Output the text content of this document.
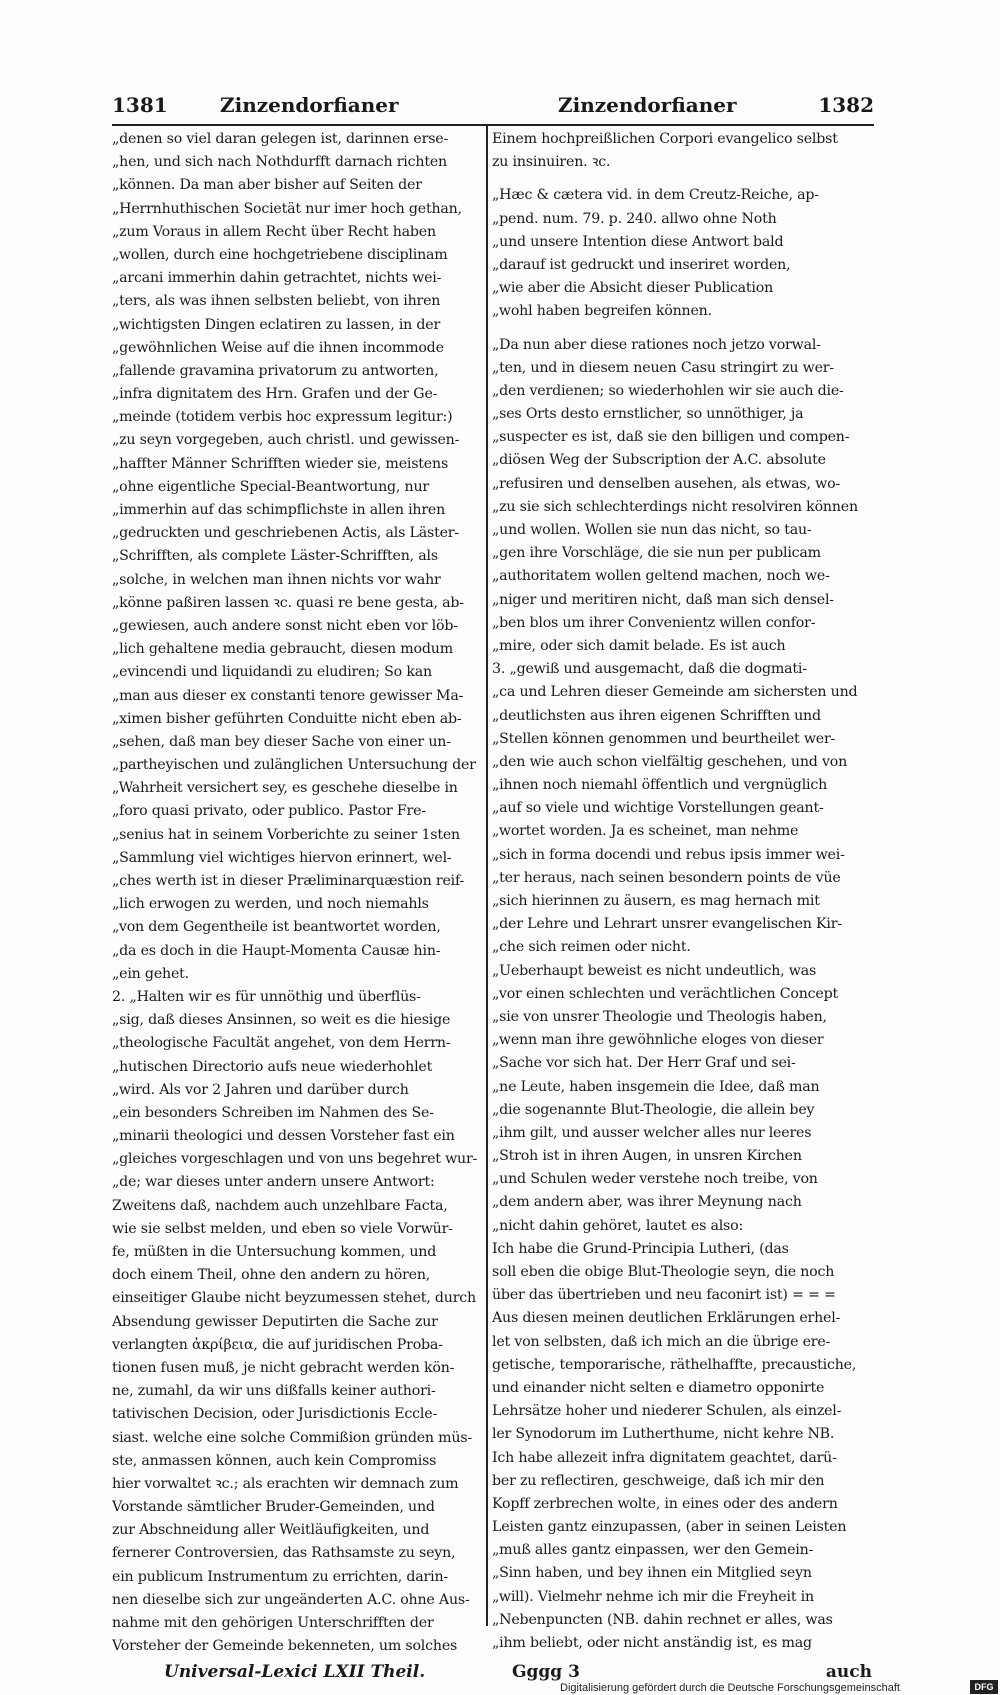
1381	Zinzendorfianer	Zinzendorfianer	1382
„denen so viel daran gelegen ist, darinnen erse-
„hen, und sich nach Nothdurfft darnach richten
„können. Da man aber bisher auf Seiten der
„Herrnhuthischen Societät nur imer hoch gethan,
„zum Voraus in allem Recht über Recht haben
„wollen, durch eine hochgetriebene disciplinam
„arcani immerhin dahin getrachtet, nichts wei-
„ters, als was ihnen selbsten beliebt, von ihren
„wichtigsten Dingen eclatiren zu lassen, in der
„gewöhnlichen Weise auf die ihnen incommode
„fallende gravamina privatorum zu antworten,
„infra dignitatem des Hrn. Grafen und der Ge-
„meinde (totidem verbis hoc expressum legitur:)
„zu seyn vorgegeben, auch christl. und gewissen-
„haffter Männer Schrifften wieder sie, meistens
„ohne eigentliche Special-Beantwortung, nur
„immerhin auf das schimpflichste in allen ihren
„gedruckten und geschriebenen Actis, als Läster-
„Schrifften, als complete Läster-Schrifften, als
„solche, in welchen man ihnen nichts vor wahr
„könne paßiren lassen ꝛc. quasi re bene gesta, ab-
„gewiesen, auch andere sonst nicht eben vor löb-
„lich gehaltene media gebraucht, diesen modum
„evincendi und liquidandi zu eludiren; So kan
„man aus dieser ex constanti tenore gewisser Ma-
„ximen bisher geführten Conduitte nicht eben ab-
„sehen, daß man bey dieser Sache von einer un-
„partheyischen und zulänglichen Untersuchung der
„Wahrheit versichert sey, es geschehe dieselbe in
„foro quasi privato, oder publico. Pastor Fre-
„senius hat in seinem Vorberichte zu seiner 1sten
„Sammlung viel wichtiges hiervon erinnert, wel-
„ches werth ist in dieser Præliminarquæstion reif-
„lich erwogen zu werden, und noch niemahls
„von dem Gegentheile ist beantwortet worden,
„da es doch in die Haupt-Momenta Causæ hin-
„ein gehet.
2. „Halten wir es für unnöthig und überflüs-
„sig, daß dieses Ansinnen, so weit es die hiesige
„theologische Facultät angehet, von dem Herrn-
„hutischen Directorio aufs neue wiederhohlet
„wird. Als vor 2 Jahren und darüber durch
„ein besonders Schreiben im Nahmen des Se-
„minarii theologici und dessen Vorsteher fast ein
„gleiches vorgeschlagen und von uns begehret wur-
„de; war dieses unter andern unsere Antwort:
Zweitens daß, nachdem auch unzehlbare Facta,
wie sie selbst melden, und eben so viele Vorwür-
fe, müßten in die Untersuchung kommen, und
doch einem Theil, ohne den andern zu hören,
einseitiger Glaube nicht beyzumessen stehet, durch
Absendung gewisser Deputirten die Sache zur
verlangten ἀκρίβεια, die auf juridischen Proba-
tionen fusen muß, je nicht gebracht werden kön-
ne, zumahl, da wir uns dißfalls keiner authori-
tativischen Decision, oder Jurisdictionis Eccle-
siast. welche eine solche Commißion gründen müs-
ste, anmassen können, auch kein Compromiss
hier vorwaltet ꝛc.; als erachten wir demnach zum
Vorstande sämtlicher Bruder-Gemeinden, und
zur Abschneidung aller Weitläufigkeiten, und
fernerer Controversien, das Rathsamste zu seyn,
ein publicum Instrumentum zu errichten, darin-
nen dieselbe sich zur ungeänderten A.C. ohne Aus-
nahme mit den gehörigen Unterschrifften der
Vorsteher der Gemeinde bekenneten, um solches
Einem hochpreißlichen Corpori evangelico selbst
zu insinuiren. ꝛc.
„Hæc & cætera vid. in dem Creutz-Reiche, ap-
„pend. num. 79. p. 240. allwo ohne Noth
„und unsere Intention diese Antwort bald
„darauf ist gedruckt und inseriret worden,
„wie aber die Absicht dieser Publication
„wohl haben begreifen können.
„Da nun aber diese rationes noch jetzo vorwal-
„ten, und in diesem neuen Casu stringirt zu wer-
„den verdienen; so wiederhohlen wir sie auch die-
„ses Orts desto ernstlicher, so unnöthiger, ja
„suspecter es ist, daß sie den billigen und compen-
„diösen Weg der Subscription der A.C. absolute
„refusiren und denselben ausehen, als etwas, wo-
„zu sie sich schlechterdings nicht resolviren können
„und wollen. Wollen sie nun das nicht, so tau-
„gen ihre Vorschläge, die sie nun per publicam
„authoritatem wollen geltend machen, noch we-
„niger und meritiren nicht, daß man sich densel-
„ben blos um ihrer Convenientz willen confor-
„mire, oder sich damit belade. Es ist auch
3. „gewiß und ausgemacht, daß die dogmati-
„ca und Lehren dieser Gemeinde am sichersten und
„deutlichsten aus ihren eigenen Schrifften und
„Stellen können genommen und beurtheilet wer-
„den wie auch schon vielfältig geschehen, und von
„ihnen noch niemahl öffentlich und vergnüglich
„auf so viele und wichtige Vorstellungen geant-
„wortet worden. Ja es scheinet, man nehme
„sich in forma docendi und rebus ipsis immer wei-
„ter heraus, nach seinen besondern points de vüe
„sich hierinnen zu äusern, es mag hernach mit
„der Lehre und Lehrart unsrer evangelischen Kir-
„che sich reimen oder nicht.
„Ueberhaupt beweist es nicht undeutlich, was
„vor einen schlechten und verächtlichen Concept
„sie von unsrer Theologie und Theologis haben,
„wenn man ihre gewöhnliche eloges von dieser
„Sache vor sich hat. Der Herr Graf und sei-
„ne Leute, haben insgemein die Idee, daß man
„die sogenannte Blut-Theologie, die allein bey
„ihm gilt, und ausser welcher alles nur leeres
„Stroh ist in ihren Augen, in unsren Kirchen
„und Schulen weder verstehe noch treibe, von
„dem andern aber, was ihrer Meynung nach
„nicht dahin gehöret, lautet es also:
Ich habe die Grund-Principia Lutheri, (das
soll eben die obige Blut-Theologie seyn, die noch
über das übertrieben und neu faconirt ist) = = =
Aus diesen meinen deutlichen Erklärungen erhel-
let von selbsten, daß ich mich an die übrige ere-
getische, temporarische, räthelhaffte, precaustiche,
und einander nicht selten e diametro opponirte
Lehrsätze hoher und niederer Schulen, als einzel-
ler Synodorum im Lutherthume, nicht kehre NB.
Ich habe allezeit infra dignitatem geachtet, darü-
ber zu reflectiren, geschweige, daß ich mir den
Kopff zerbrechen wolte, in eines oder des andern
Leisten gantz einzupassen, (aber in seinen Leisten
„muß alles gantz einpassen, wer den Gemein-
„Sinn haben, und bey ihnen ein Mitglied seyn
„will). Vielmehr nehme ich mir die Freyheit in
„Nebenpuncten (NB. dahin rechnet er alles, was
„ihm beliebt, oder nicht anständig ist, es mag
Universal-Lexici LXII Theil.	Gggg 3	auch
Digitalisierung gefördert durch die Deutsche Forschungsgemeinschaft	DFG
